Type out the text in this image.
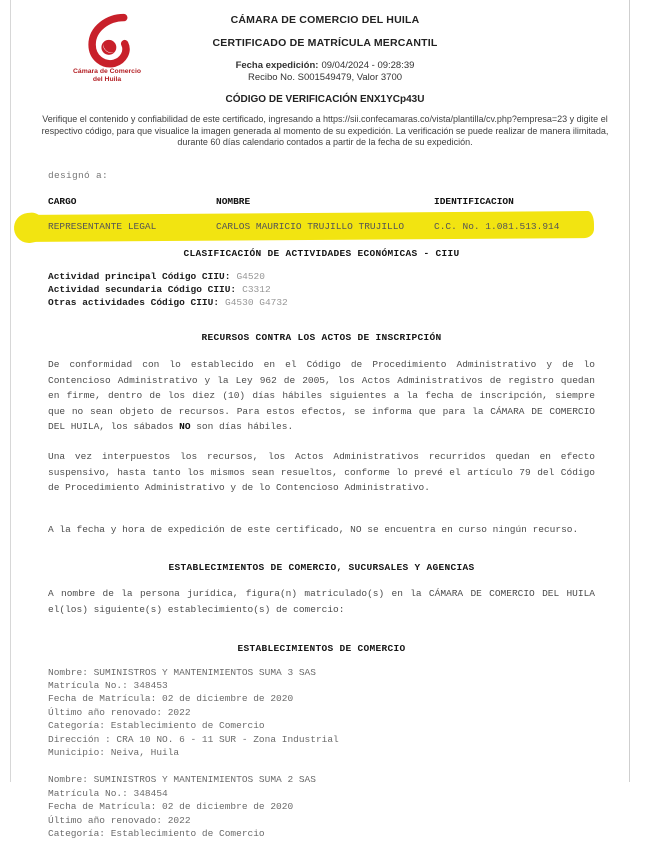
Cámara de Comercio
del Huila
CÁMARA DE COMERCIO DEL HUILA
CERTIFICADO DE MATRÍCULA MERCANTIL
Fecha expedición: 09/04/2024 - 09:28:39
Recibo No. S001549479, Valor 3700
CÓDIGO DE VERIFICACIÓN ENX1YCp43U

Verifique el contenido y confiabilidad de este certificado, ingresando a https://sii.confecamaras.co/vista/plantilla/cv.php?empresa=23 y digite el respectivo código, para que visualice la imagen generada al momento de su expedición. La verificación se puede realizar de manera ilimitada, durante 60 días calendario contados a partir de la fecha de su expedición.

designó a:
CARGO	NOMBRE	IDENTIFICACION
REPRESENTANTE LEGAL	CARLOS MAURICIO TRUJILLO TRUJILLO	C.C. No. 1.081.513.914
CLASIFICACIÓN DE ACTIVIDADES ECONÓMICAS - CIIU
Actividad principal Código CIIU: G4520
Actividad secundaria Código CIIU: C3312
Otras actividades Código CIIU: G4530 G4732
RECURSOS CONTRA LOS ACTOS DE INSCRIPCIÓN

De conformidad con lo establecido en el Código de Procedimiento Administrativo y de lo Contencioso Administrativo y la Ley 962 de 2005, los Actos Administrativos de registro quedan en firme, dentro de los diez (10) días hábiles siguientes a la fecha de inscripción, siempre que no sean objeto de recursos. Para estos efectos, se informa que para la CÁMARA DE COMERCIO DEL HUILA, los sábados NO son días hábiles.

Una vez interpuestos los recursos, los Actos Administrativos recurridos quedan en efecto suspensivo, hasta tanto los mismos sean resueltos, conforme lo prevé el artículo 79 del Código de Procedimiento Administrativo y de lo Contencioso Administrativo.

A la fecha y hora de expedición de este certificado, NO se encuentra en curso ningún recurso.

ESTABLECIMIENTOS DE COMERCIO, SUCURSALES Y AGENCIAS

A nombre de la persona jurídica, figura(n) matriculado(s) en la CÁMARA DE COMERCIO DEL HUILA el(los) siguiente(s) establecimiento(s) de comercio:

ESTABLECIMIENTOS DE COMERCIO
Nombre: SUMINISTROS Y MANTENIMIENTOS SUMA 3 SAS
Matrícula No.: 348453
Fecha de Matrícula: 02 de diciembre de 2020
Último año renovado: 2022
Categoría: Establecimiento de Comercio
Dirección : CRA 10 NO. 6 - 11 SUR - Zona Industrial
Municipio: Neiva, Huila
Nombre: SUMINISTROS Y MANTENIMIENTOS SUMA 2 SAS
Matrícula No.: 348454
Fecha de Matrícula: 02 de diciembre de 2020
Último año renovado: 2022
Categoría: Establecimiento de Comercio
